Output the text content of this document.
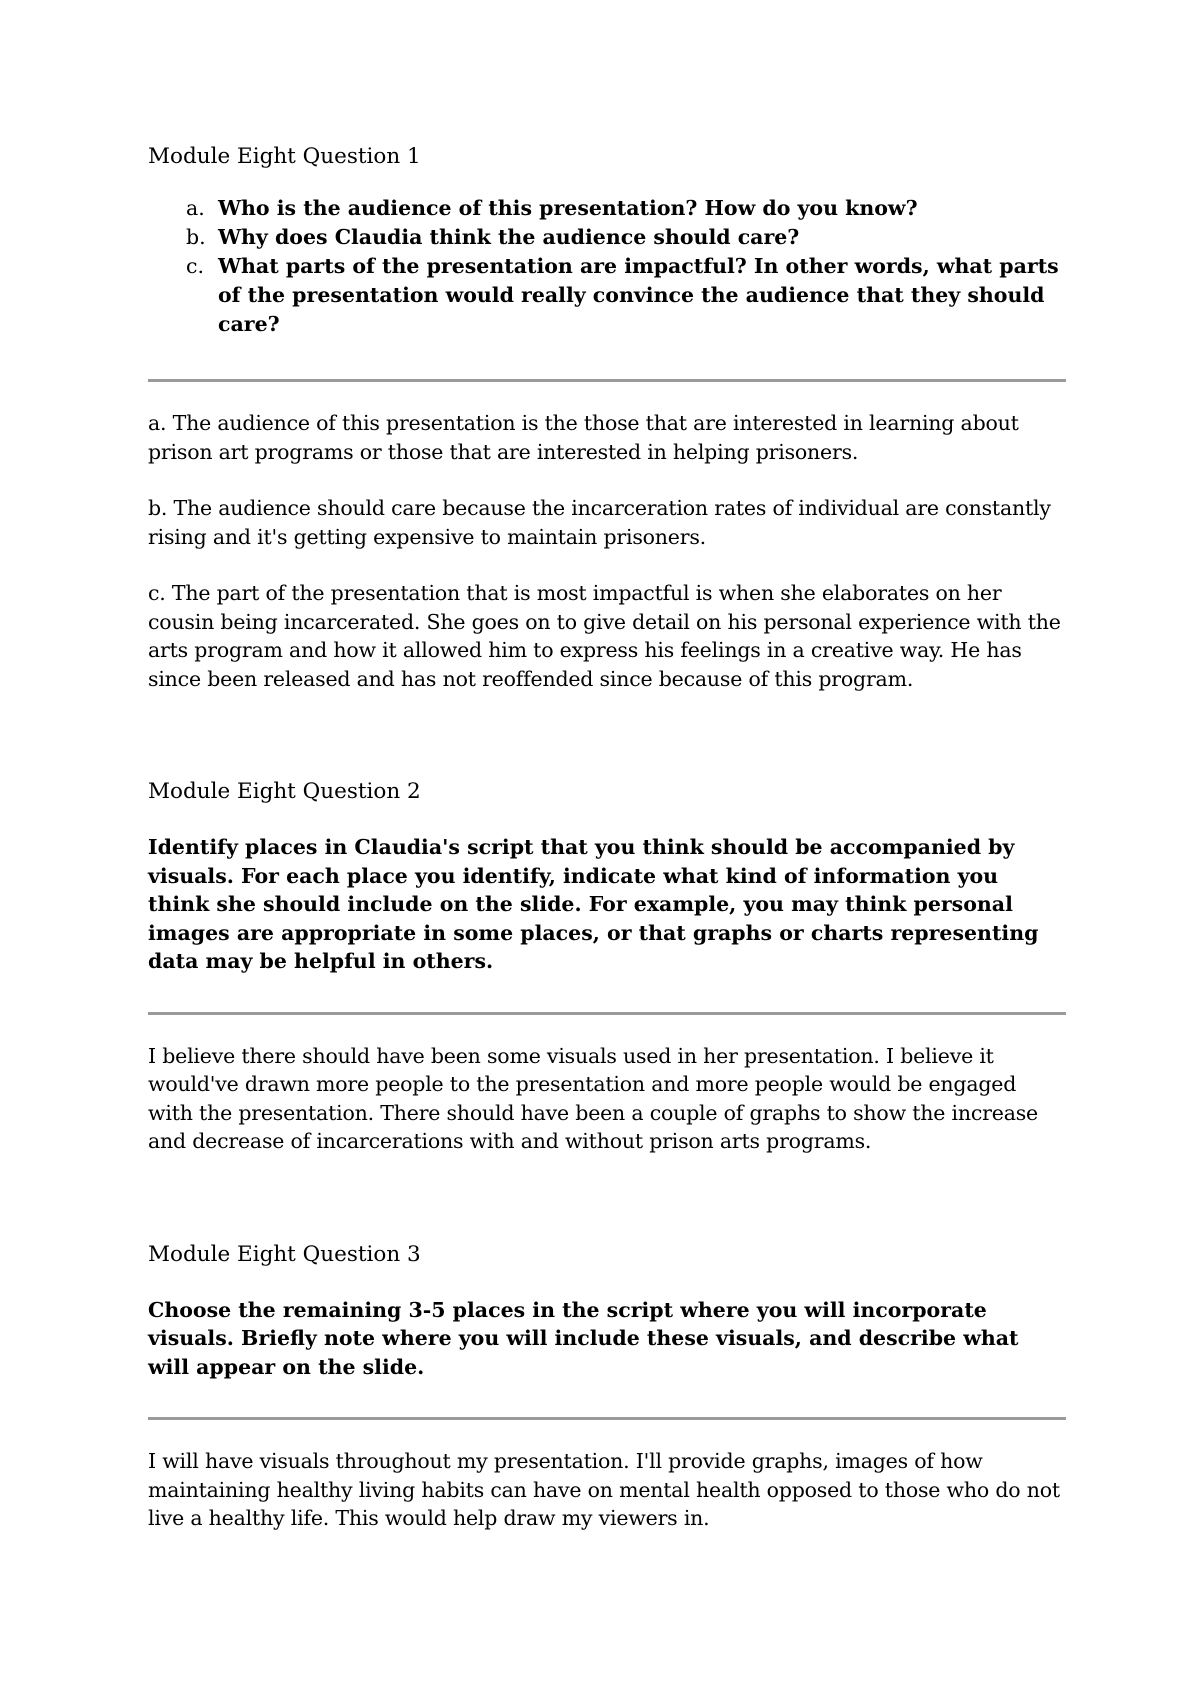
Module Eight Question 1

a. Who is the audience of this presentation? How do you know?
b. Why does Claudia think the audience should care?
c. What parts of the presentation are impactful? In other words, what parts of the presentation would really convince the audience that they should care?

a. The audience of this presentation is the those that are interested in learning about prison art programs or those that are interested in helping prisoners.

b. The audience should care because the incarceration rates of individual are constantly rising and it's getting expensive to maintain prisoners.

c. The part of the presentation that is most impactful is when she elaborates on her cousin being incarcerated. She goes on to give detail on his personal experience with the arts program and how it allowed him to express his feelings in a creative way. He has since been released and has not reoffended since because of this program.

Module Eight Question 2

Identify places in Claudia's script that you think should be accompanied by visuals. For each place you identify, indicate what kind of information you think she should include on the slide. For example, you may think personal images are appropriate in some places, or that graphs or charts representing data may be helpful in others.

I believe there should have been some visuals used in her presentation. I believe it would've drawn more people to the presentation and more people would be engaged with the presentation. There should have been a couple of graphs to show the increase and decrease of incarcerations with and without prison arts programs.

Module Eight Question 3

Choose the remaining 3-5 places in the script where you will incorporate visuals. Briefly note where you will include these visuals, and describe what will appear on the slide.

I will have visuals throughout my presentation. I'll provide graphs, images of how maintaining healthy living habits can have on mental health opposed to those who do not live a healthy life. This would help draw my viewers in.
